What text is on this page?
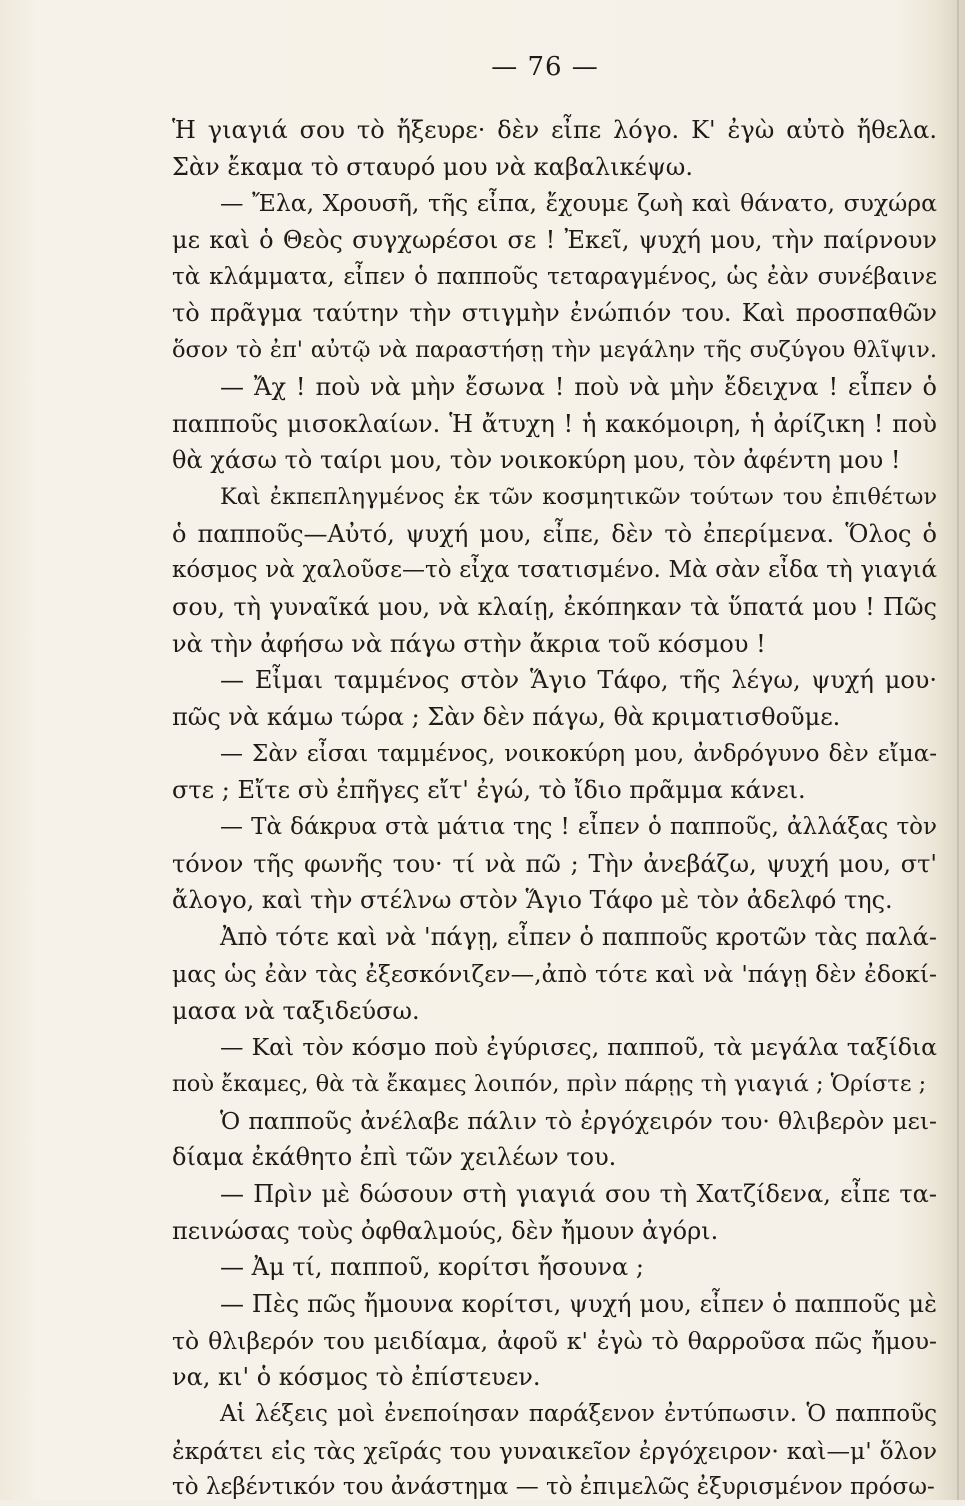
— 76 —
Ἡ γιαγιά σου τὸ ἤξευρε· δὲν εἶπε λόγο. Κ' ἐγὼ αὐτὸ ἤθελα.
Σὰν ἔκαμα τὸ σταυρό μου νὰ καβαλικέψω.
— Ἔλα, Χρουσῆ, τῆς εἶπα, ἔχουμε ζωὴ καὶ θάνατο, συχώρα
με καὶ ὁ Θεὸς συγχωρέσοι σε ! Ἐκεῖ, ψυχή μου, τὴν παίρνουν
τὰ κλάμματα, εἶπεν ὁ παπποῦς τεταραγμένος, ὡς ἐὰν συνέβαινε
τὸ πρᾶγμα ταύτην τὴν στιγμὴν ἐνώπιόν του. Καὶ προσπαθῶν
ὅσον τὸ ἐπ' αὐτῷ νὰ παραστήσῃ τὴν μεγάλην τῆς συζύγου θλῖψιν.
— Ἄχ ! ποὺ νὰ μὴν ἔσωνα ! ποὺ νὰ μὴν ἔδειχνα ! εἶπεν ὁ
παπποῦς μισοκλαίων. Ἡ ἄτυχη ! ἡ κακόμοιρη, ἡ ἀρίζικη ! ποὺ
θὰ χάσω τὸ ταίρι μου, τὸν νοικοκύρη μου, τὸν ἀφέντη μου !
Καὶ ἐκπεπληγμένος ἐκ τῶν κοσμητικῶν τούτων του ἐπιθέτων
ὁ παπποῦς—Αὐτό, ψυχή μου, εἶπε, δὲν τὸ ἐπερίμενα. Ὅλος ὁ
κόσμος νὰ χαλοῦσε—τὸ εἶχα τσατισμένο. Μὰ σὰν εἶδα τὴ γιαγιά
σου, τὴ γυναῖκά μου, νὰ κλαίῃ, ἐκόπηκαν τὰ ὕπατά μου ! Πῶς
νὰ τὴν ἀφήσω νὰ πάγω στὴν ἄκρια τοῦ κόσμου !
— Εἶμαι ταμμένος στὸν Ἅγιο Τάφο, τῆς λέγω, ψυχή μου·
πῶς νὰ κάμω τώρα ; Σὰν δὲν πάγω, θὰ κριματισθοῦμε.
— Σὰν εἶσαι ταμμένος, νοικοκύρη μου, ἀνδρόγυνο δὲν εἴμα-
στε ; Εἴτε σὺ ἐπῆγες εἴτ' ἐγώ, τὸ ἴδιο πρᾶμμα κάνει.
— Τὰ δάκρυα στὰ μάτια της ! εἶπεν ὁ παπποῦς, ἀλλάξας τὸν
τόνον τῆς φωνῆς του· τί νὰ πῶ ; Τὴν ἀνεβάζω, ψυχή μου, στ'
ἄλογο, καὶ τὴν στέλνω στὸν Ἅγιο Τάφο μὲ τὸν ἀδελφό της.
Ἀπὸ τότε καὶ νὰ 'πάγῃ, εἶπεν ὁ παπποῦς κροτῶν τὰς παλά-
μας ὡς ἐὰν τὰς ἐξεσκόνιζεν—,ἀπὸ τότε καὶ νὰ 'πάγῃ δὲν ἐδοκί-
μασα νὰ ταξιδεύσω.
— Καὶ τὸν κόσμο ποὺ ἐγύρισες, παπποῦ, τὰ μεγάλα ταξίδια
ποὺ ἔκαμες, θὰ τὰ ἔκαμες λοιπόν, πρὶν πάρῃς τὴ γιαγιά ; Ὁρίστε ;
Ὁ παπποῦς ἀνέλαβε πάλιν τὸ ἐργόχειρόν του· θλιβερὸν μει-
δίαμα ἐκάθητο ἐπὶ τῶν χειλέων του.
— Πρὶν μὲ δώσουν στὴ γιαγιά σου τὴ Χατζίδενα, εἶπε τα-
πεινώσας τοὺς ὀφθαλμούς, δὲν ἤμουν ἀγόρι.
— Ἀμ τί, παπποῦ, κορίτσι ἤσουνα ;
— Πὲς πῶς ἤμουνα κορίτσι, ψυχή μου, εἶπεν ὁ παπποῦς μὲ
τὸ θλιβερόν του μειδίαμα, ἀφοῦ κ' ἐγὼ τὸ θαρροῦσα πῶς ἤμου-
να, κι' ὁ κόσμος τὸ ἐπίστευεν.
Αἱ λέξεις μοὶ ἐνεποίησαν παράξενον ἐντύπωσιν. Ὁ παπποῦς
ἐκράτει εἰς τὰς χεῖράς του γυναικεῖον ἐργόχειρον· καὶ—μ' ὅλον
τὸ λεβέντικόν του ἀνάστημα — τὸ ἐπιμελῶς ἐξυρισμένον πρόσω-
